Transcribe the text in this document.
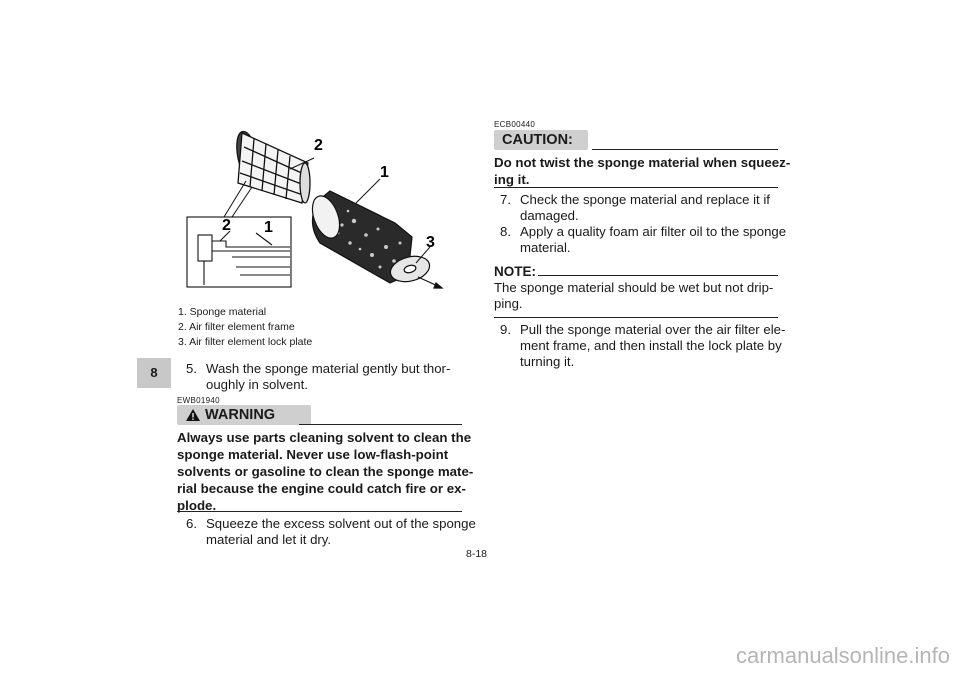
8
2
1
3
2 1
1. Sponge material
2. Air filter element frame
3. Air filter element lock plate
5. Wash the sponge material gently but thor-
oughly in solvent.
EWB01940
WARNING
Always use parts cleaning solvent to clean the
sponge material. Never use low-flash-point
solvents or gasoline to clean the sponge mate-
rial because the engine could catch fire or ex-
plode.
6. Squeeze the excess solvent out of the sponge
material and let it dry.
ECB00440
CAUTION:
Do not twist the sponge material when squeez-
ing it.
7. Check the sponge material and replace it if
damaged.
8. Apply a quality foam air filter oil to the sponge
material.
NOTE:
The sponge material should be wet but not drip-
ping.
9. Pull the sponge material over the air filter ele-
ment frame, and then install the lock plate by
turning it.
8-18
carmanualsonline.info
